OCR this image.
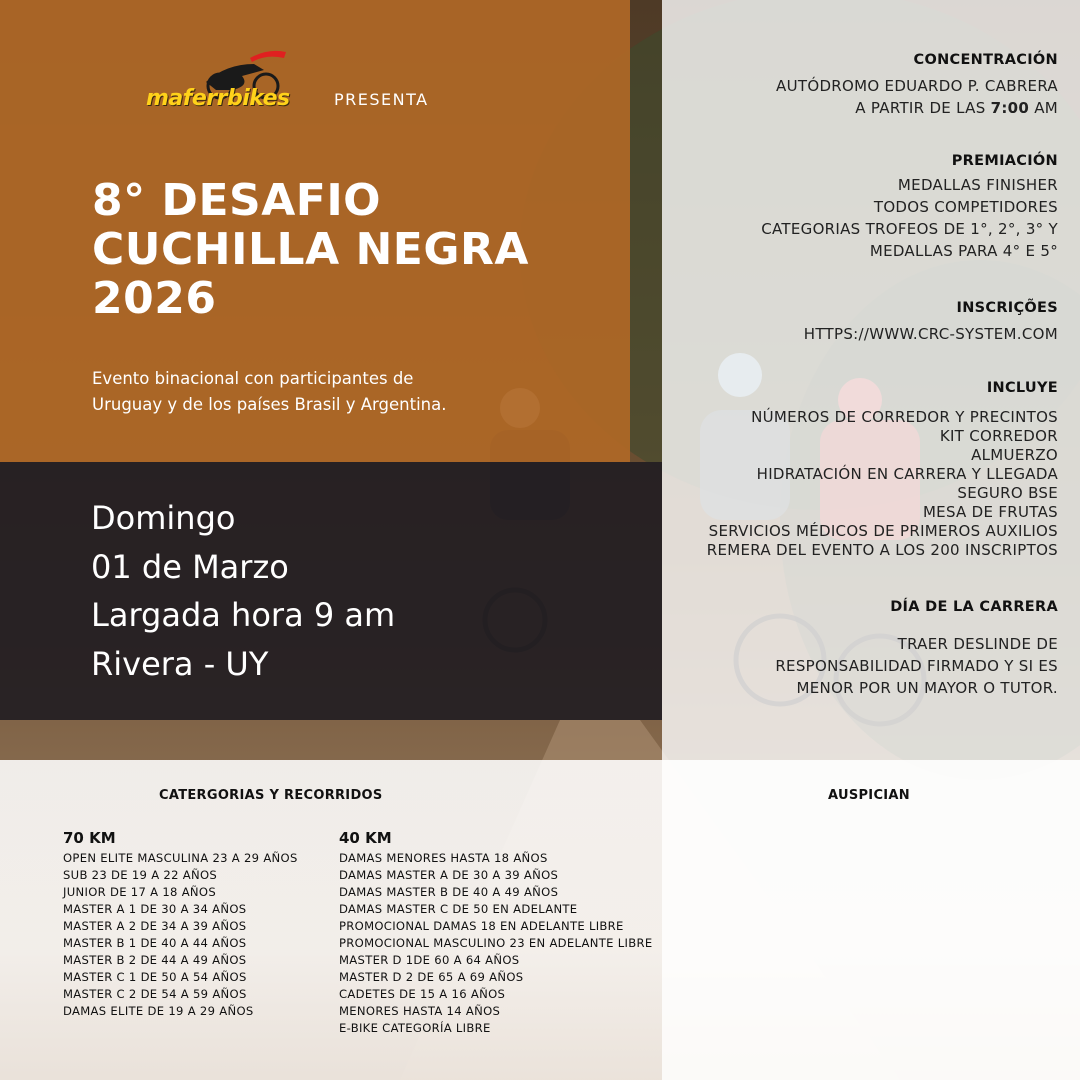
maferrbikes	PRESENTA
8° DESAFIO
CUCHILLA NEGRA
2026

Evento binacional con participantes de Uruguay y de los países Brasil y Argentina.

Domingo
01 de Marzo
Largada hora 9 am
Rivera - UY
CONCENTRACIÓN
AUTÓDROMO EDUARDO P. CABRERA
A PARTIR DE LAS 7:00 AM
PREMIACIÓN
MEDALLAS FINISHER
TODOS COMPETIDORES
CATEGORIAS TROFEOS DE 1°, 2°, 3° Y
MEDALLAS PARA 4° E 5°
INSCRIÇÕES
HTTPS://WWW.CRC-SYSTEM.COM
INCLUYE
NÚMEROS DE CORREDOR Y PRECINTOS
KIT CORREDOR
ALMUERZO
HIDRATACIÓN EN CARRERA Y LLEGADA
SEGURO BSE
MESA DE FRUTAS
SERVICIOS MÉDICOS DE PRIMEROS AUXILIOS
REMERA DEL EVENTO A LOS 200 INSCRIPTOS
DÍA DE LA CARRERA
TRAER DESLINDE DE
RESPONSABILIDAD FIRMADO Y SI ES
MENOR POR UN MAYOR O TUTOR.
CATERGORIAS Y RECORRIDOS	AUSPICIAN
70 KM
OPEN ELITE MASCULINA 23 A 29 AÑOS
SUB 23 DE 19 A 22 AÑOS
JUNIOR DE 17 A 18 AÑOS
MASTER A 1 DE 30 A 34 AÑOS
MASTER A 2 DE 34 A 39 AÑOS
MASTER B 1 DE 40 A 44 AÑOS
MASTER B 2 DE 44 A 49 AÑOS
MASTER C 1 DE 50 A 54 AÑOS
MASTER C 2 DE 54 A 59 AÑOS
DAMAS ELITE DE 19 A 29 AÑOS
40 KM
DAMAS MENORES HASTA 18 AÑOS
DAMAS MASTER A DE 30 A 39 AÑOS
DAMAS MASTER B DE 40 A 49 AÑOS
DAMAS MASTER C DE 50 EN ADELANTE
PROMOCIONAL DAMAS 18 EN ADELANTE LIBRE
PROMOCIONAL MASCULINO 23 EN ADELANTE LIBRE
MASTER D 1DE 60 A 64 AÑOS
MASTER D 2 DE 65 A 69 AÑOS
CADETES DE 15 A 16 AÑOS
MENORES HASTA 14 AÑOS
E-BIKE CATEGORÍA LIBRE
